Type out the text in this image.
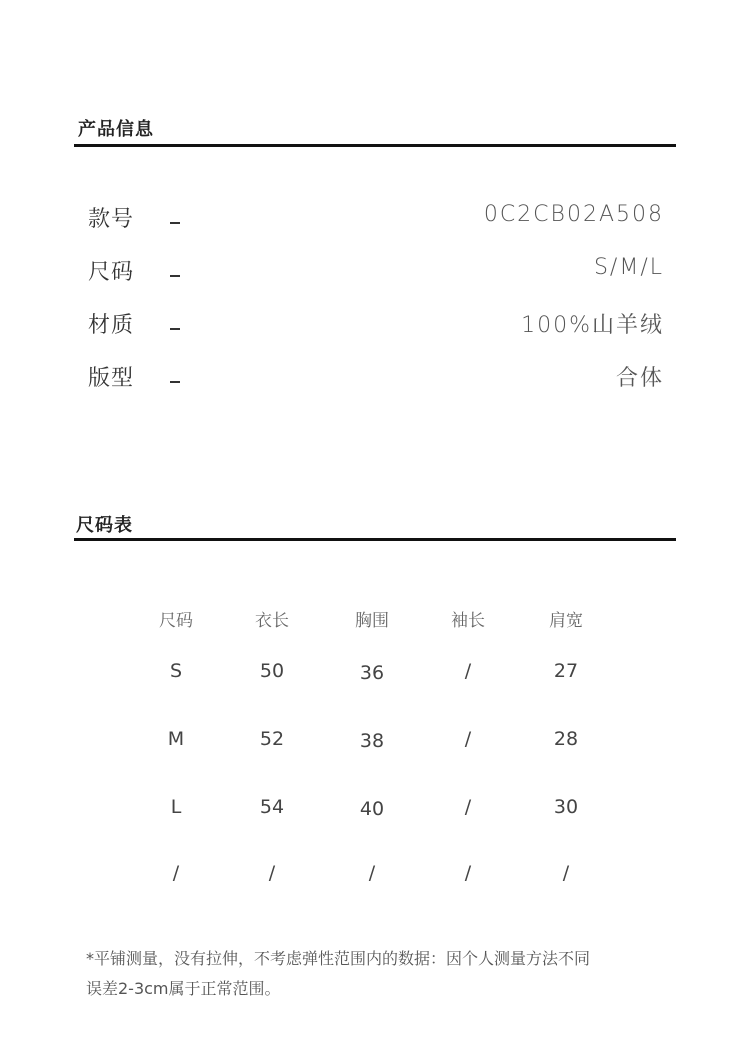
产品信息
款号	0C2CB02A508
尺码	S/M/L
材质	100%山羊绒
版型	合体
尺码表
尺码	衣长	胸围	袖长	肩宽
S	50	36	/	27
M	52	38	/	28
L	54	40	/	30
/	/	/	/	/
*平铺测量，没有拉伸，不考虑弹性范围内的数据：因个人测量方法不同
误差2-3cm属于正常范围。
